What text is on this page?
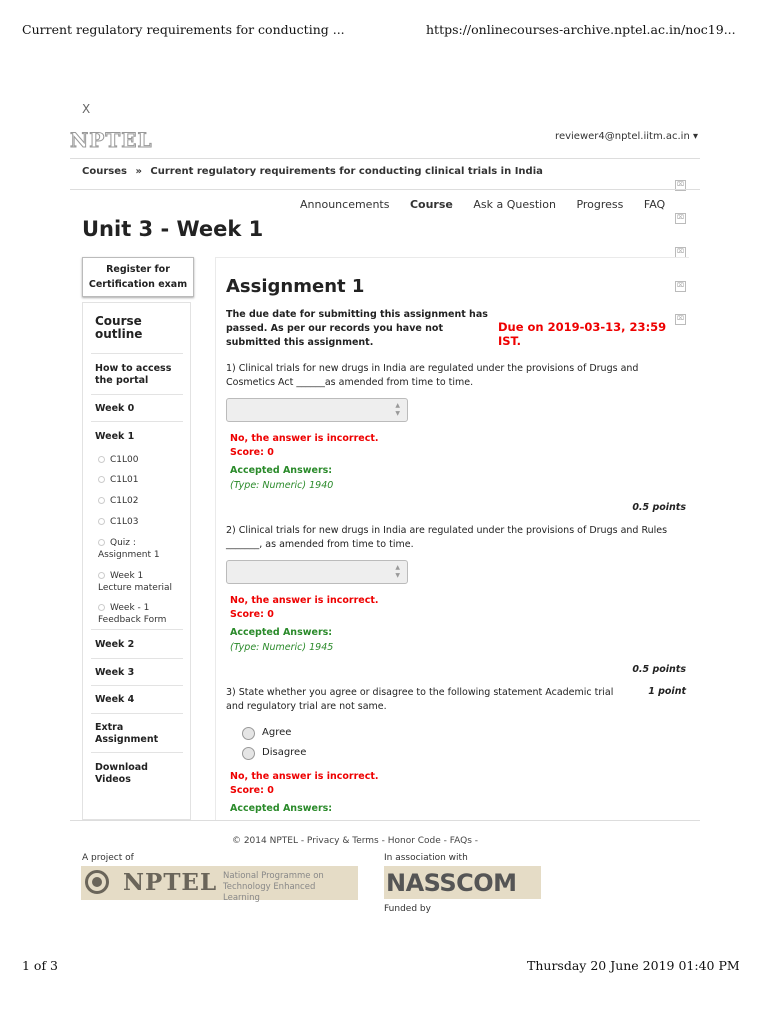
Current regulatory requirements for conducting ...	https://onlinecourses-archive.nptel.ac.in/noc19...
1 of 3	Thursday 20 June 2019 01:40 PM
X
NPTEL	reviewer4@nptel.iitm.ac.in ▾
Courses » Current regulatory requirements for conducting clinical trials in India
⌧
Announcements Course Ask a Question Progress FAQ
Unit 3 - Week 1	⌧
⌧
⌧
⌧
Register for Certification exam
Course outline
How to access the portal
Week 0
Week 1
C1L00
C1L01
C1L02
C1L03
Quiz : Assignment 1
Week 1 Lecture material
Week - 1 Feedback Form
Week 2
Week 3
Week 4
Extra Assignment
Download Videos
Assignment 1
The due date for submitting this assignment has passed. As per our records you have not submitted this assignment.
Due on 2019-03-13, 23:59 IST.
1) Clinical trials for new drugs in India are regulated under the provisions of Drugs and Cosmetics Act ______as amended from time to time.
▲
▼
No, the answer is incorrect.
Score: 0
Accepted Answers:
(Type: Numeric) 1940
0.5 points
2) Clinical trials for new drugs in India are regulated under the provisions of Drugs and Rules _______, as amended from time to time.
▲
▼
No, the answer is incorrect.
Score: 0
Accepted Answers:
(Type: Numeric) 1945
0.5 points
3) State whether you agree or disagree to the following statement Academic trial and regulatory trial are not same.
1 point
Agree
Disagree
No, the answer is incorrect.
Score: 0
Accepted Answers:
© 2014 NPTEL - Privacy & Terms - Honor Code - FAQs -
A project of	In association with
NPTEL National Programme on Technology Enhanced Learning
NASSCOM
Funded by
